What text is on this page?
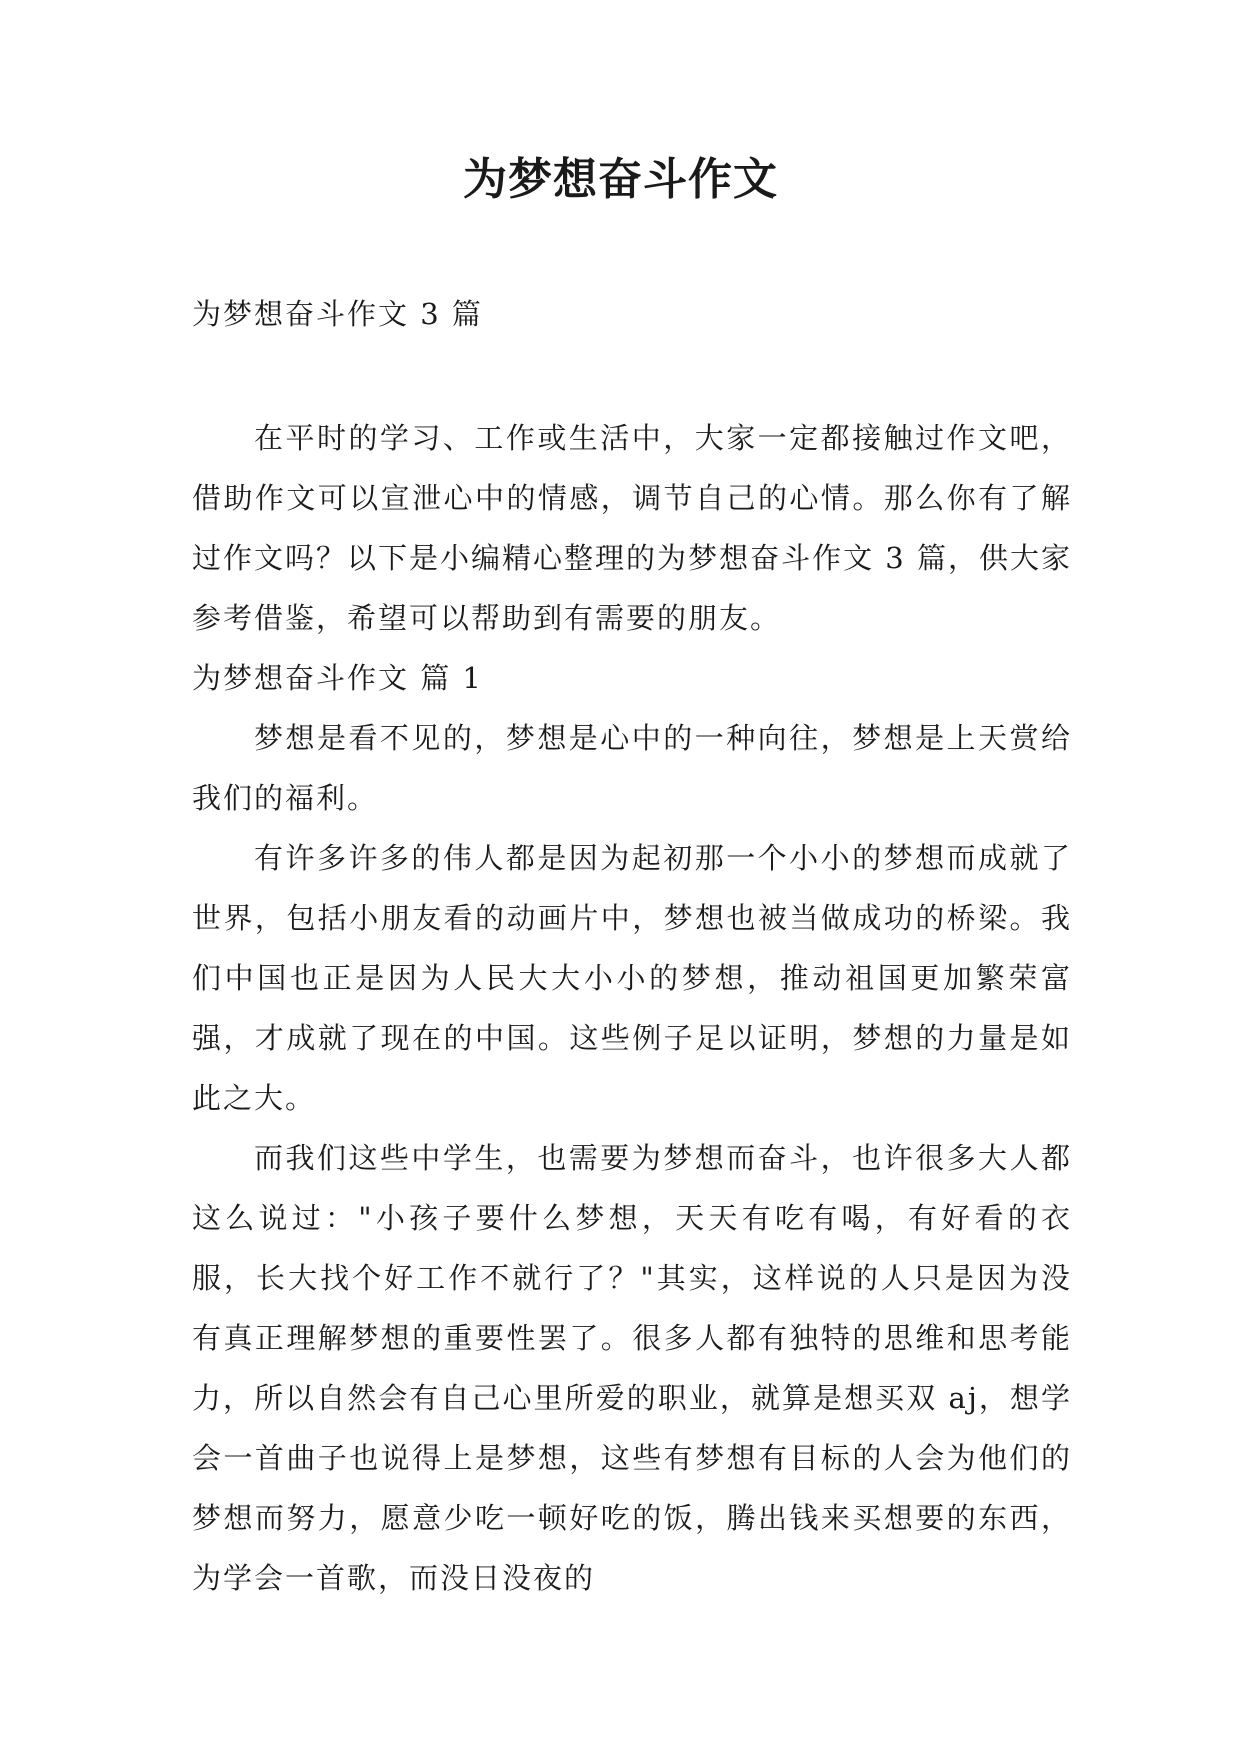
为梦想奋斗作文
为梦想奋斗作文 3 篇

在平时的学习、工作或生活中，大家一定都接触过作文吧，借助作文可以宣泄心中的情感，调节自己的心情。那么你有了解过作文吗？以下是小编精心整理的为梦想奋斗作文 3 篇，供大家参考借鉴，希望可以帮助到有需要的朋友。

为梦想奋斗作文 篇 1

梦想是看不见的，梦想是心中的一种向往，梦想是上天赏给我们的福利。

有许多许多的伟人都是因为起初那一个小小的梦想而成就了世界，包括小朋友看的动画片中，梦想也被当做成功的桥梁。我们中国也正是因为人民大大小小的梦想，推动祖国更加繁荣富强，才成就了现在的中国。这些例子足以证明，梦想的力量是如此之大。

而我们这些中学生，也需要为梦想而奋斗，也许很多大人都这么说过："小孩子要什么梦想，天天有吃有喝，有好看的衣服，长大找个好工作不就行了？"其实，这样说的人只是因为没有真正理解梦想的重要性罢了。很多人都有独特的思维和思考能力，所以自然会有自己心里所爱的职业，就算是想买双 aj，想学会一首曲子也说得上是梦想，这些有梦想有目标的人会为他们的梦想而努力，愿意少吃一顿好吃的饭，腾出钱来买想要的东西，为学会一首歌，而没日没夜的
